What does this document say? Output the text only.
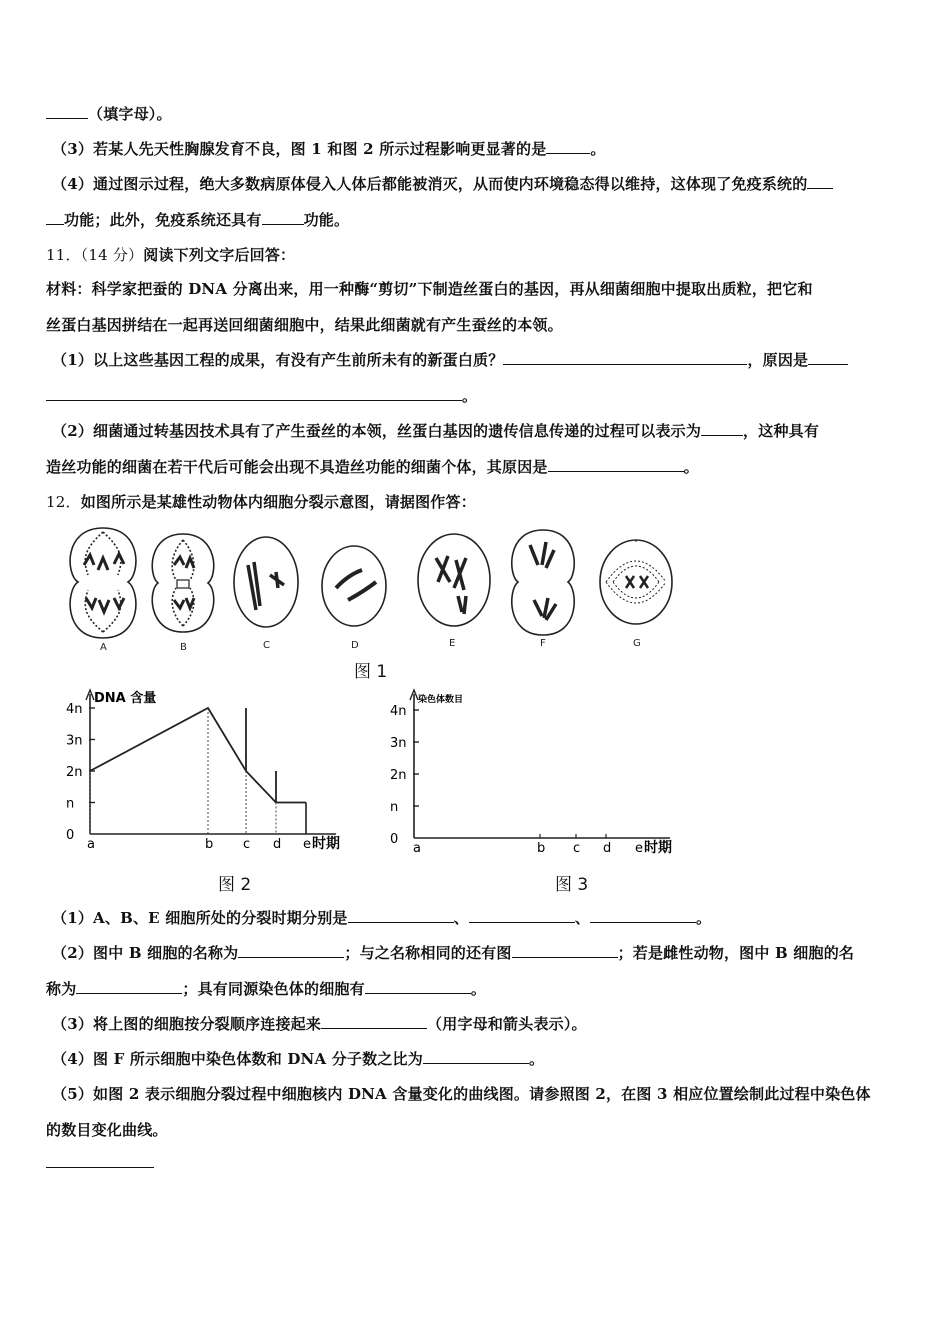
（填字母）。
（3）若某人先天性胸腺发育不良，图 1 和图 2 所示过程影响更显著的是	。
（4）通过图示过程，绝大多数病原体侵入人体后都能被消灭，从而使内环境稳态得以维持，这体现了免疫系统的
功能；此外，免疫系统还具有	功能。
11．（14 分）阅读下列文字后回答：
材料：科学家把蚕的 DNA 分离出来，用一种酶“剪切”下制造丝蛋白的基因，再从细菌细胞中提取出质粒，把它和
丝蛋白基因拼结在一起再送回细菌细胞中，结果此细菌就有产生蚕丝的本领。
（1）以上这些基因工程的成果，有没有产生前所未有的新蛋白质？	，原因是
。
（2）细菌通过转基因技术具有了产生蚕丝的本领，丝蛋白基因的遗传信息传递的过程可以表示为	，这种具有
造丝功能的细菌在若干代后可能会出现不具造丝功能的细菌个体，其原因是	。
12．如图所示是某雄性动物体内细胞分裂示意图，请据图作答：
A	B	C	D	E	F	G
图 1
DNA 含量
4n
3n
2n
n
0
a	b c d e 时期
图 2
染色体数目
4n
3n
2n
n
0
a	b c d e 时期
图 3
（1）A、B、E 细胞所处的分裂时期分别是	、	、	。
（2）图中 B 细胞的名称为	；与之名称相同的还有图	；若是雌性动物，图中 B 细胞的名
称为	；具有同源染色体的细胞有	。
（3）将上图的细胞按分裂顺序连接起来	（用字母和箭头表示）。
（4）图 F 所示细胞中染色体数和 DNA 分子数之比为	。
（5）如图 2 表示细胞分裂过程中细胞核内 DNA 含量变化的曲线图。请参照图 2，在图 3 相应位置绘制此过程中染色体
的数目变化曲线。
